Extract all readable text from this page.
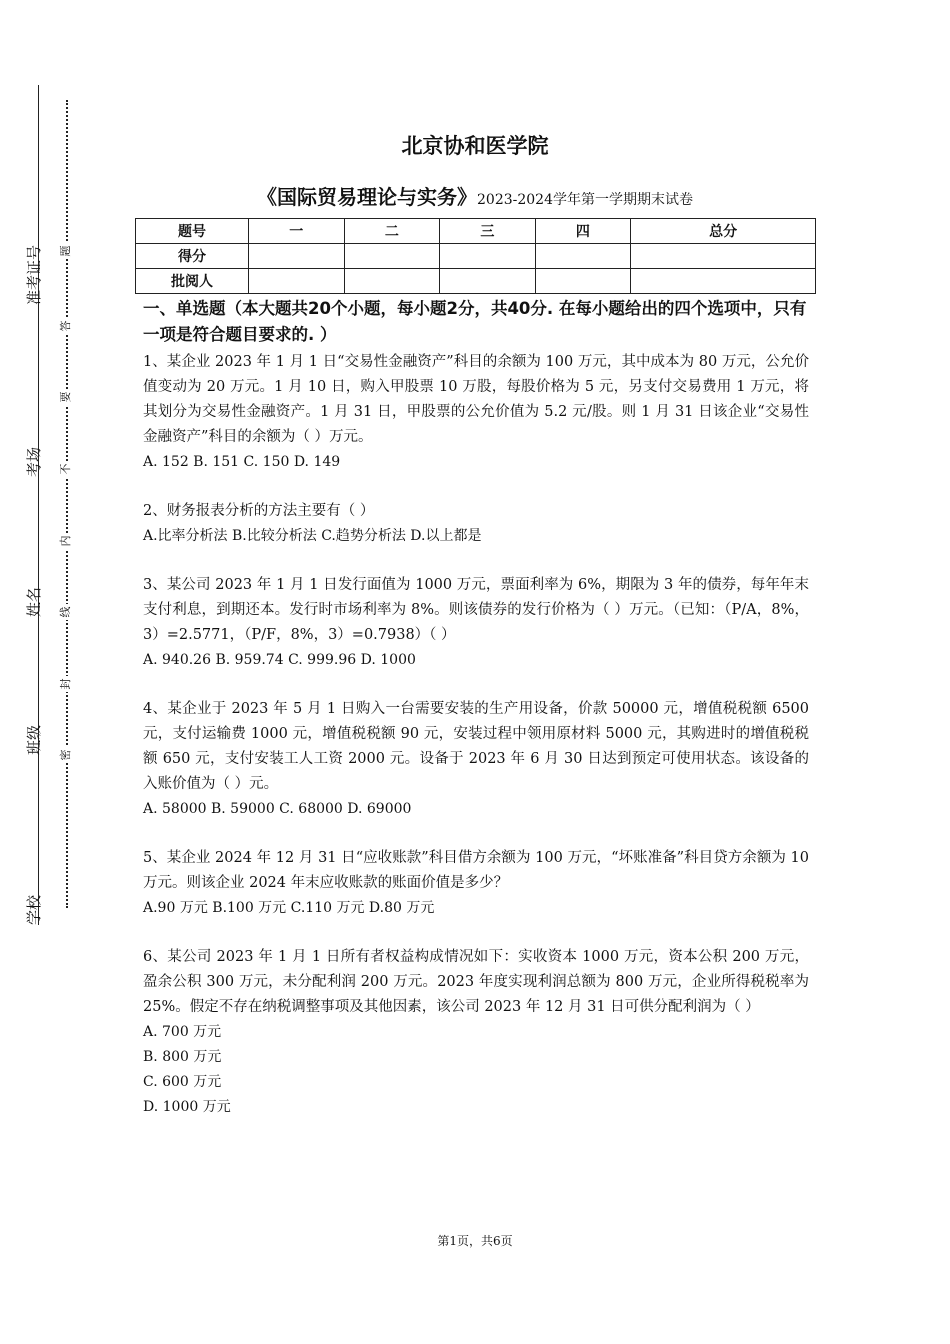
准考证号
考场
姓名
班级
学校
题
答
要
不
内
线
封
密
北京协和医学院
《国际贸易理论与实务》2023-2024学年第一学期期末试卷
题号	一	二	三	四	总分
得分					
批阅人					
一、单选题（本大题共20个小题，每小题2分，共40分. 在每小题给出的四个选项中，只有一项是符合题目要求的. ）
1、某企业 2023 年 1 月 1 日“交易性金融资产”科目的余额为 100 万元，其中成本为 80 万元，公允价值变动为 20 万元。1 月 10 日，购入甲股票 10 万股，每股价格为 5 元，另支付交易费用 1 万元，将其划分为交易性金融资产。1 月 31 日，甲股票的公允价值为 5.2 元/股。则 1 月 31 日该企业“交易性金融资产”科目的余额为（ ）万元。
A. 152 B. 151 C. 150 D. 149
2、财务报表分析的方法主要有（ ）
A.比率分析法 B.比较分析法 C.趋势分析法 D.以上都是
3、某公司 2023 年 1 月 1 日发行面值为 1000 万元，票面利率为 6%，期限为 3 年的债券，每年年末支付利息，到期还本。发行时市场利率为 8%。则该债券的发行价格为（ ）万元。（已知：（P/A，8%，3）=2.5771，（P/F，8%，3）=0.7938）（ ）
A. 940.26 B. 959.74 C. 999.96 D. 1000
4、某企业于 2023 年 5 月 1 日购入一台需要安装的生产用设备，价款 50000 元，增值税税额 6500 元，支付运输费 1000 元，增值税税额 90 元，安装过程中领用原材料 5000 元，其购进时的增值税税额 650 元，支付安装工人工资 2000 元。设备于 2023 年 6 月 30 日达到预定可使用状态。该设备的入账价值为（ ）元。
A. 58000 B. 59000 C. 68000 D. 69000
5、某企业 2024 年 12 月 31 日“应收账款”科目借方余额为 100 万元，“坏账准备”科目贷方余额为 10 万元。则该企业 2024 年末应收账款的账面价值是多少？
A.90 万元 B.100 万元 C.110 万元 D.80 万元
6、某公司 2023 年 1 月 1 日所有者权益构成情况如下：实收资本 1000 万元，资本公积 200 万元，盈余公积 300 万元，未分配利润 200 万元。2023 年度实现利润总额为 800 万元，企业所得税税率为 25%。假定不存在纳税调整事项及其他因素，该公司 2023 年 12 月 31 日可供分配利润为（ ）
A. 700 万元
B. 800 万元
C. 600 万元
D. 1000 万元
第1页，共6页
